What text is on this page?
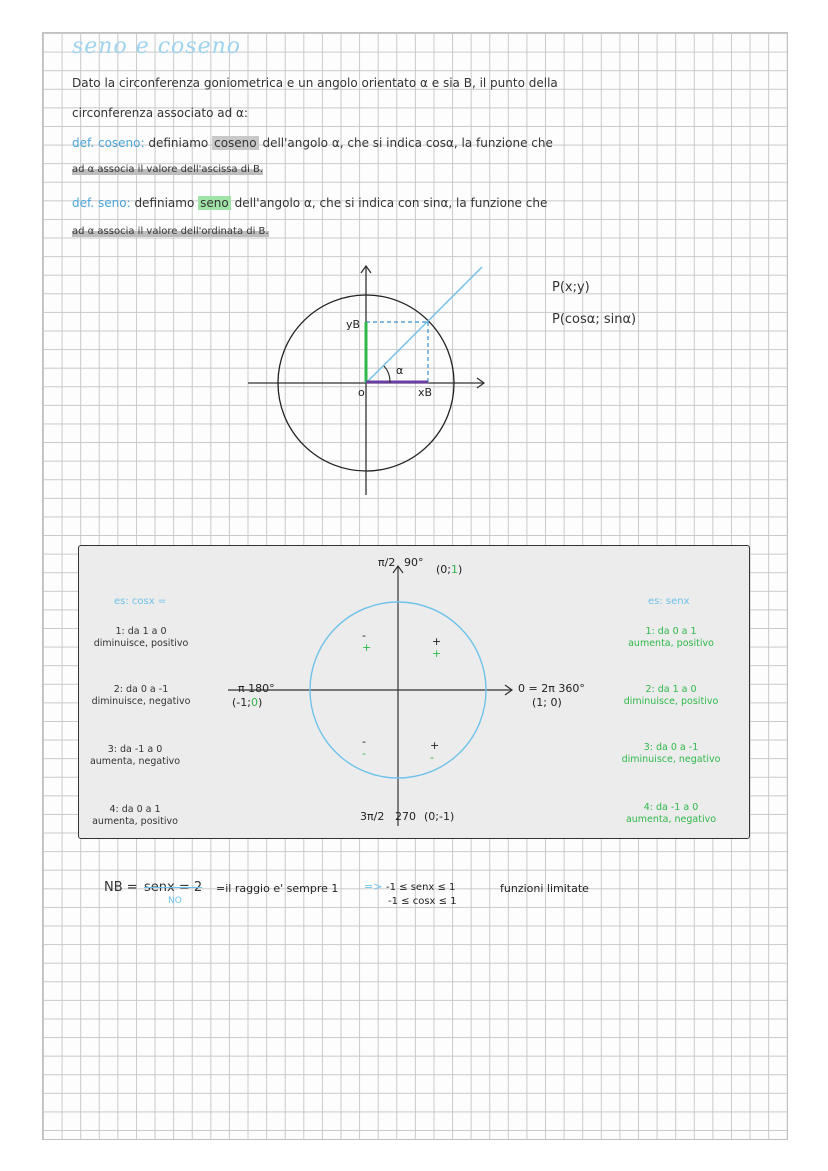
seno e coseno
Dato la circonferenza goniometrica e un angolo orientato α e sia B, il punto della
circonferenza associato ad α:
def. coseno: definiamo coseno dell'angolo α, che si indica cosα, la funzione che
ad α associa il valore dell'ascissa di B.
def. seno: definiamo seno dell'angolo α, che si indica con sinα, la funzione che
ad α associa il valore dell'ordinata di B.
yB
xB
o
α
P(x;y)
P(cosα; sinα)
π/2 90°
(0;1)
π 180°
(-1;0)
0 = 2π 360°
(1; 0)
3π/2 270 (0;-1)
+
+
-
+
-
-
+
-
es: cosx =
1: da 1 a 0
diminuisce, positivo
2: da 0 a -1
diminuisce, negativo
3: da -1 a 0
aumenta, negativo
4: da 0 a 1
aumenta, positivo
es: senx
1: da 0 a 1
aumenta, positivo
2: da 1 a 0
diminuisce, positivo
3: da 0 a -1
diminuisce, negativo
4: da -1 a 0
aumenta, negativo
NB = senx = 2
NO
=il raggio e' sempre 1 => -1 ≤ senx ≤ 1
-1 ≤ cosx ≤ 1
funzioni limitate
